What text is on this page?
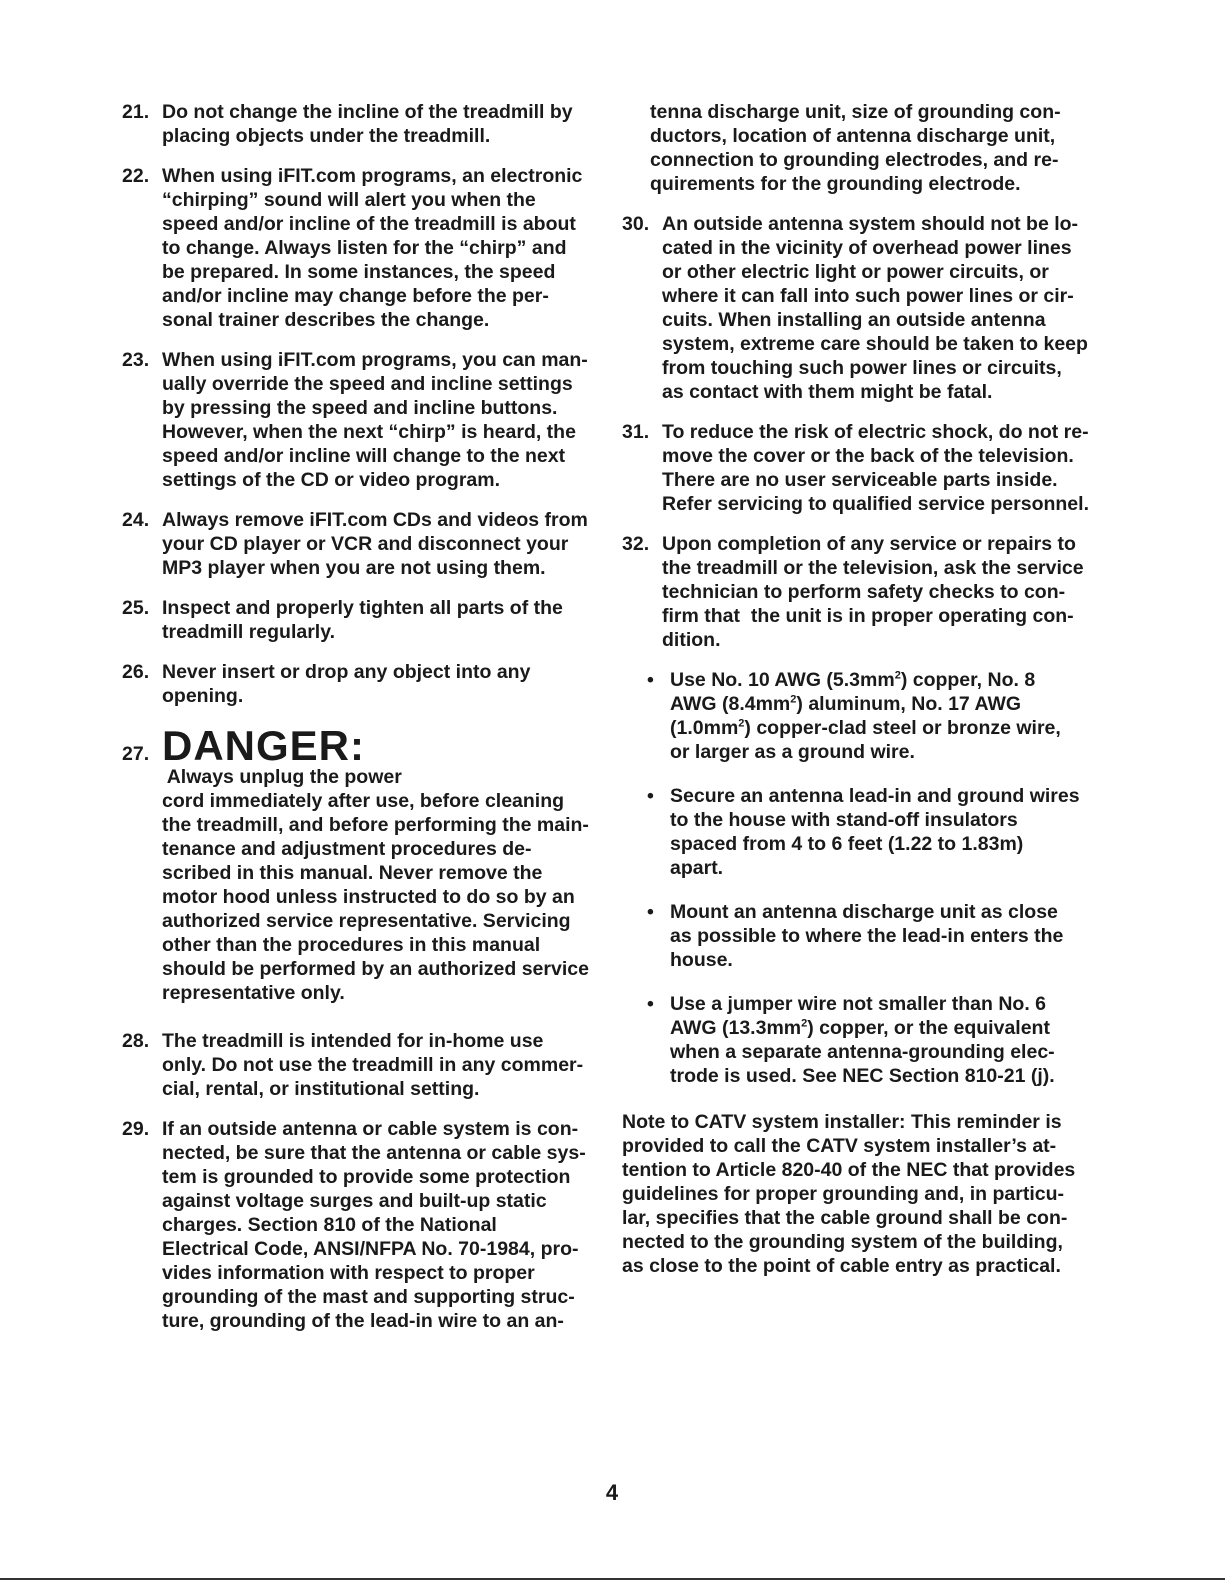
21. Do not change the incline of the treadmill by
placing objects under the treadmill.
22. When using iFIT.com programs, an electronic
“chirping” sound will alert you when the
speed and/or incline of the treadmill is about
to change. Always listen for the “chirp” and
be prepared. In some instances, the speed
and/or incline may change before the per-
sonal trainer describes the change.
23. When using iFIT.com programs, you can man-
ually override the speed and incline settings
by pressing the speed and incline buttons.
However, when the next “chirp” is heard, the
speed and/or incline will change to the next
settings of the CD or video program.
24. Always remove iFIT.com CDs and videos from
your CD player or VCR and disconnect your
MP3 player when you are not using them.
25. Inspect and properly tighten all parts of the
treadmill regularly.
26. Never insert or drop any object into any
opening.
27. DANGER: Always unplug the power
cord immediately after use, before cleaning
the treadmill, and before performing the main-
tenance and adjustment procedures de-
scribed in this manual. Never remove the
motor hood unless instructed to do so by an
authorized service representative. Servicing
other than the procedures in this manual
should be performed by an authorized service
representative only.
28. The treadmill is intended for in-home use
only. Do not use the treadmill in any commer-
cial, rental, or institutional setting.
29. If an outside antenna or cable system is con-
nected, be sure that the antenna or cable sys-
tem is grounded to provide some protection
against voltage surges and built-up static
charges. Section 810 of the National
Electrical Code, ANSI/NFPA No. 70-1984, pro-
vides information with respect to proper
grounding of the mast and supporting struc-
ture, grounding of the lead-in wire to an an-
tenna discharge unit, size of grounding con-
ductors, location of antenna discharge unit,
connection to grounding electrodes, and re-
quirements for the grounding electrode.
30. An outside antenna system should not be lo-
cated in the vicinity of overhead power lines
or other electric light or power circuits, or
where it can fall into such power lines or cir-
cuits. When installing an outside antenna
system, extreme care should be taken to keep
from touching such power lines or circuits,
as contact with them might be fatal.
31. To reduce the risk of electric shock, do not re-
move the cover or the back of the television.
There are no user serviceable parts inside.
Refer servicing to qualified service personnel.
32. Upon completion of any service or repairs to
the treadmill or the television, ask the service
technician to perform safety checks to con-
firm that  the unit is in proper operating con-
dition.
• Use No. 10 AWG $(5.3mm^2)$ copper, No. 8
AWG $(8.4mm^2)$ aluminum, No. 17 AWG
$(1.0mm^2)$ copper-clad steel or bronze wire,
or larger as a ground wire.
• Secure an antenna lead-in and ground wires
to the house with stand-off insulators
spaced from 4 to 6 feet (1.22 to 1.83m)
apart.
• Mount an antenna discharge unit as close
as possible to where the lead-in enters the
house.
• Use a jumper wire not smaller than No. 6
AWG $(13.3mm^2)$ copper, or the equivalent
when a separate antenna-grounding elec-
trode is used. See NEC Section 810-21 (j).
Note to CATV system installer: This reminder is
provided to call the CATV system installer’s at-
tention to Article 820-40 of the NEC that provides
guidelines for proper grounding and, in particu-
lar, specifies that the cable ground shall be con-
nected to the grounding system of the building,
as close to the point of cable entry as practical.
4
